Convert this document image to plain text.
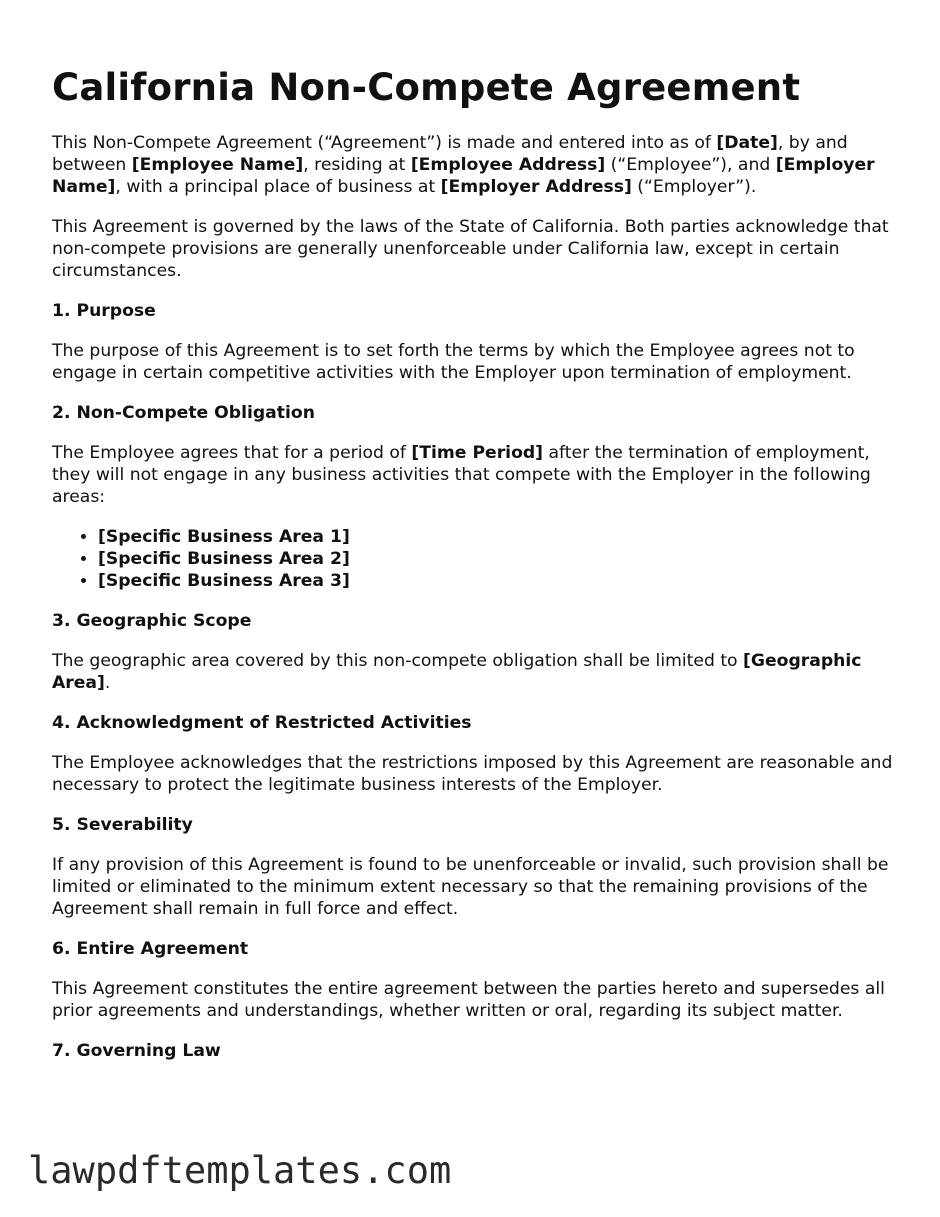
California Non-Compete Agreement

This Non-Compete Agreement (“Agreement”) is made and entered into as of [Date], by and between [Employee Name], residing at [Employee Address] (“Employee”), and [Employer Name], with a principal place of business at [Employer Address] (“Employer”).

This Agreement is governed by the laws of the State of California. Both parties acknowledge that non-compete provisions are generally unenforceable under California law, except in certain circumstances.

1. Purpose

The purpose of this Agreement is to set forth the terms by which the Employee agrees not to engage in certain competitive activities with the Employer upon termination of employment.

2. Non-Compete Obligation

The Employee agrees that for a period of [Time Period] after the termination of employment, they will not engage in any business activities that compete with the Employer in the following areas:

• [Specific Business Area 1]
• [Specific Business Area 2]
• [Specific Business Area 3]
3. Geographic Scope

The geographic area covered by this non-compete obligation shall be limited to [Geographic Area].

4. Acknowledgment of Restricted Activities

The Employee acknowledges that the restrictions imposed by this Agreement are reasonable and necessary to protect the legitimate business interests of the Employer.

5. Severability

If any provision of this Agreement is found to be unenforceable or invalid, such provision shall be limited or eliminated to the minimum extent necessary so that the remaining provisions of the Agreement shall remain in full force and effect.

6. Entire Agreement

This Agreement constitutes the entire agreement between the parties hereto and supersedes all prior agreements and understandings, whether written or oral, regarding its subject matter.

7. Governing Law
lawpdftemplates.com
